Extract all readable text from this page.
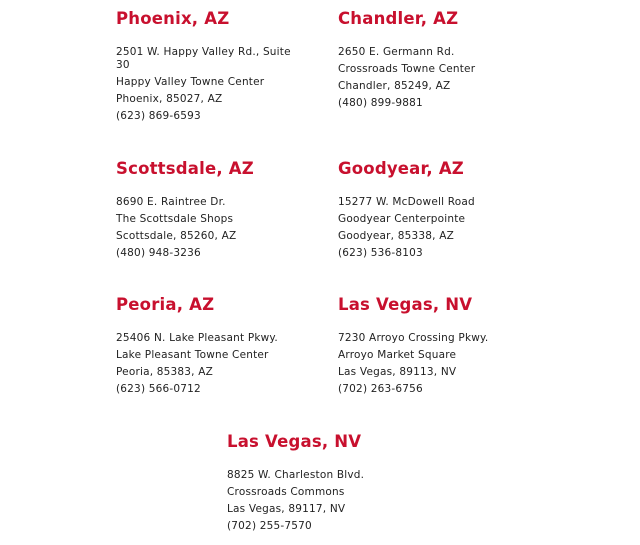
Phoenix, AZ
2501 W. Happy Valley Rd., Suite 30
Happy Valley Towne Center
Phoenix, 85027, AZ
(623) 869-6593
Chandler, AZ
2650 E. Germann Rd.
Crossroads Towne Center
Chandler, 85249, AZ
(480) 899-9881
Scottsdale, AZ
8690 E. Raintree Dr.
The Scottsdale Shops
Scottsdale, 85260, AZ
(480) 948-3236
Goodyear, AZ
15277 W. McDowell Road
Goodyear Centerpointe
Goodyear, 85338, AZ
(623) 536-8103
Peoria, AZ
25406 N. Lake Pleasant Pkwy.
Lake Pleasant Towne Center
Peoria, 85383, AZ
(623) 566-0712
Las Vegas, NV
7230 Arroyo Crossing Pkwy.
Arroyo Market Square
Las Vegas, 89113, NV
(702) 263-6756
Las Vegas, NV
8825 W. Charleston Blvd.
Crossroads Commons
Las Vegas, 89117, NV
(702) 255-7570
